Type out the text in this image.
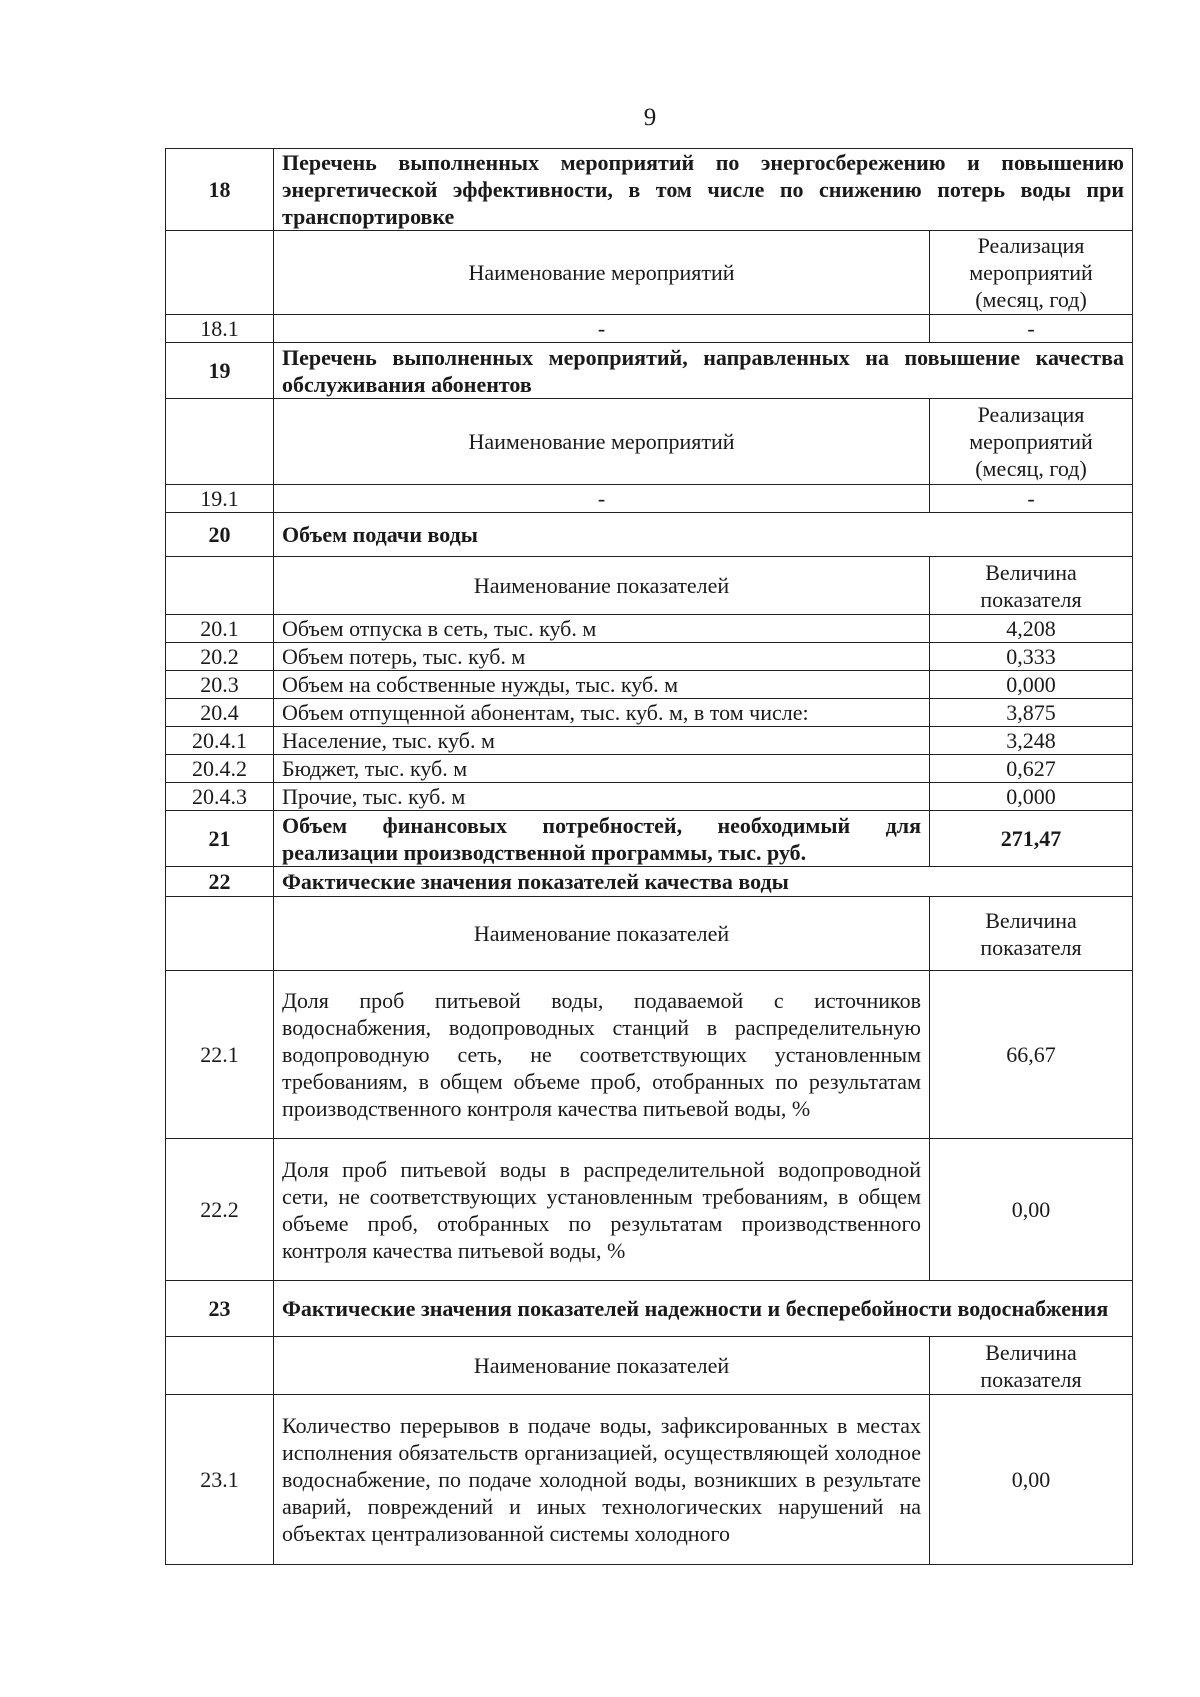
9
18	Перечень выполненных мероприятий по энергосбережению и повышению энергетической эффективности, в том числе по снижению потерь воды при транспортировке	
	Наименование мероприятий	Реализация мероприятий (месяц, год)
18.1	-	-
19	Перечень выполненных мероприятий, направленных на повышение качества обслуживания абонентов	
	Наименование мероприятий	Реализация мероприятий (месяц, год)
19.1	-	-
20	Объем подачи воды	
	Наименование показателей	Величина показателя
20.1	Объем отпуска в сеть, тыс. куб. м	4,208
20.2	Объем потерь, тыс. куб. м	0,333
20.3	Объем на собственные нужды, тыс. куб. м	0,000
20.4	Объем отпущенной абонентам, тыс. куб. м, в том числе:	3,875
20.4.1	Население, тыс. куб. м	3,248
20.4.2	Бюджет, тыс. куб. м	0,627
20.4.3	Прочие, тыс. куб. м	0,000
21	Объем финансовых потребностей, необходимый для реализации производственной программы, тыс. руб.	271,47
22	Фактические значения показателей качества воды	
	Наименование показателей	Величина показателя
22.1	Доля проб питьевой воды, подаваемой с источников водоснабжения, водопроводных станций в распределительную водопроводную сеть, не соответствующих установленным требованиям, в общем объеме проб, отобранных по результатам производственного контроля качества питьевой воды, %	66,67
22.2	Доля проб питьевой воды в распределительной водопроводной сети, не соответствующих установленным требованиям, в общем объеме проб, отобранных по результатам производственного контроля качества питьевой воды, %	0,00
23	Фактические значения показателей надежности и бесперебойности водоснабжения	
	Наименование показателей	Величина показателя
23.1	Количество перерывов в подаче воды, зафиксированных в местах исполнения обязательств организацией, осуществляющей холодное водоснабжение, по подаче холодной воды, возникших в результате аварий, повреждений и иных технологических нарушений на объектах централизованной системы холодного	0,00
